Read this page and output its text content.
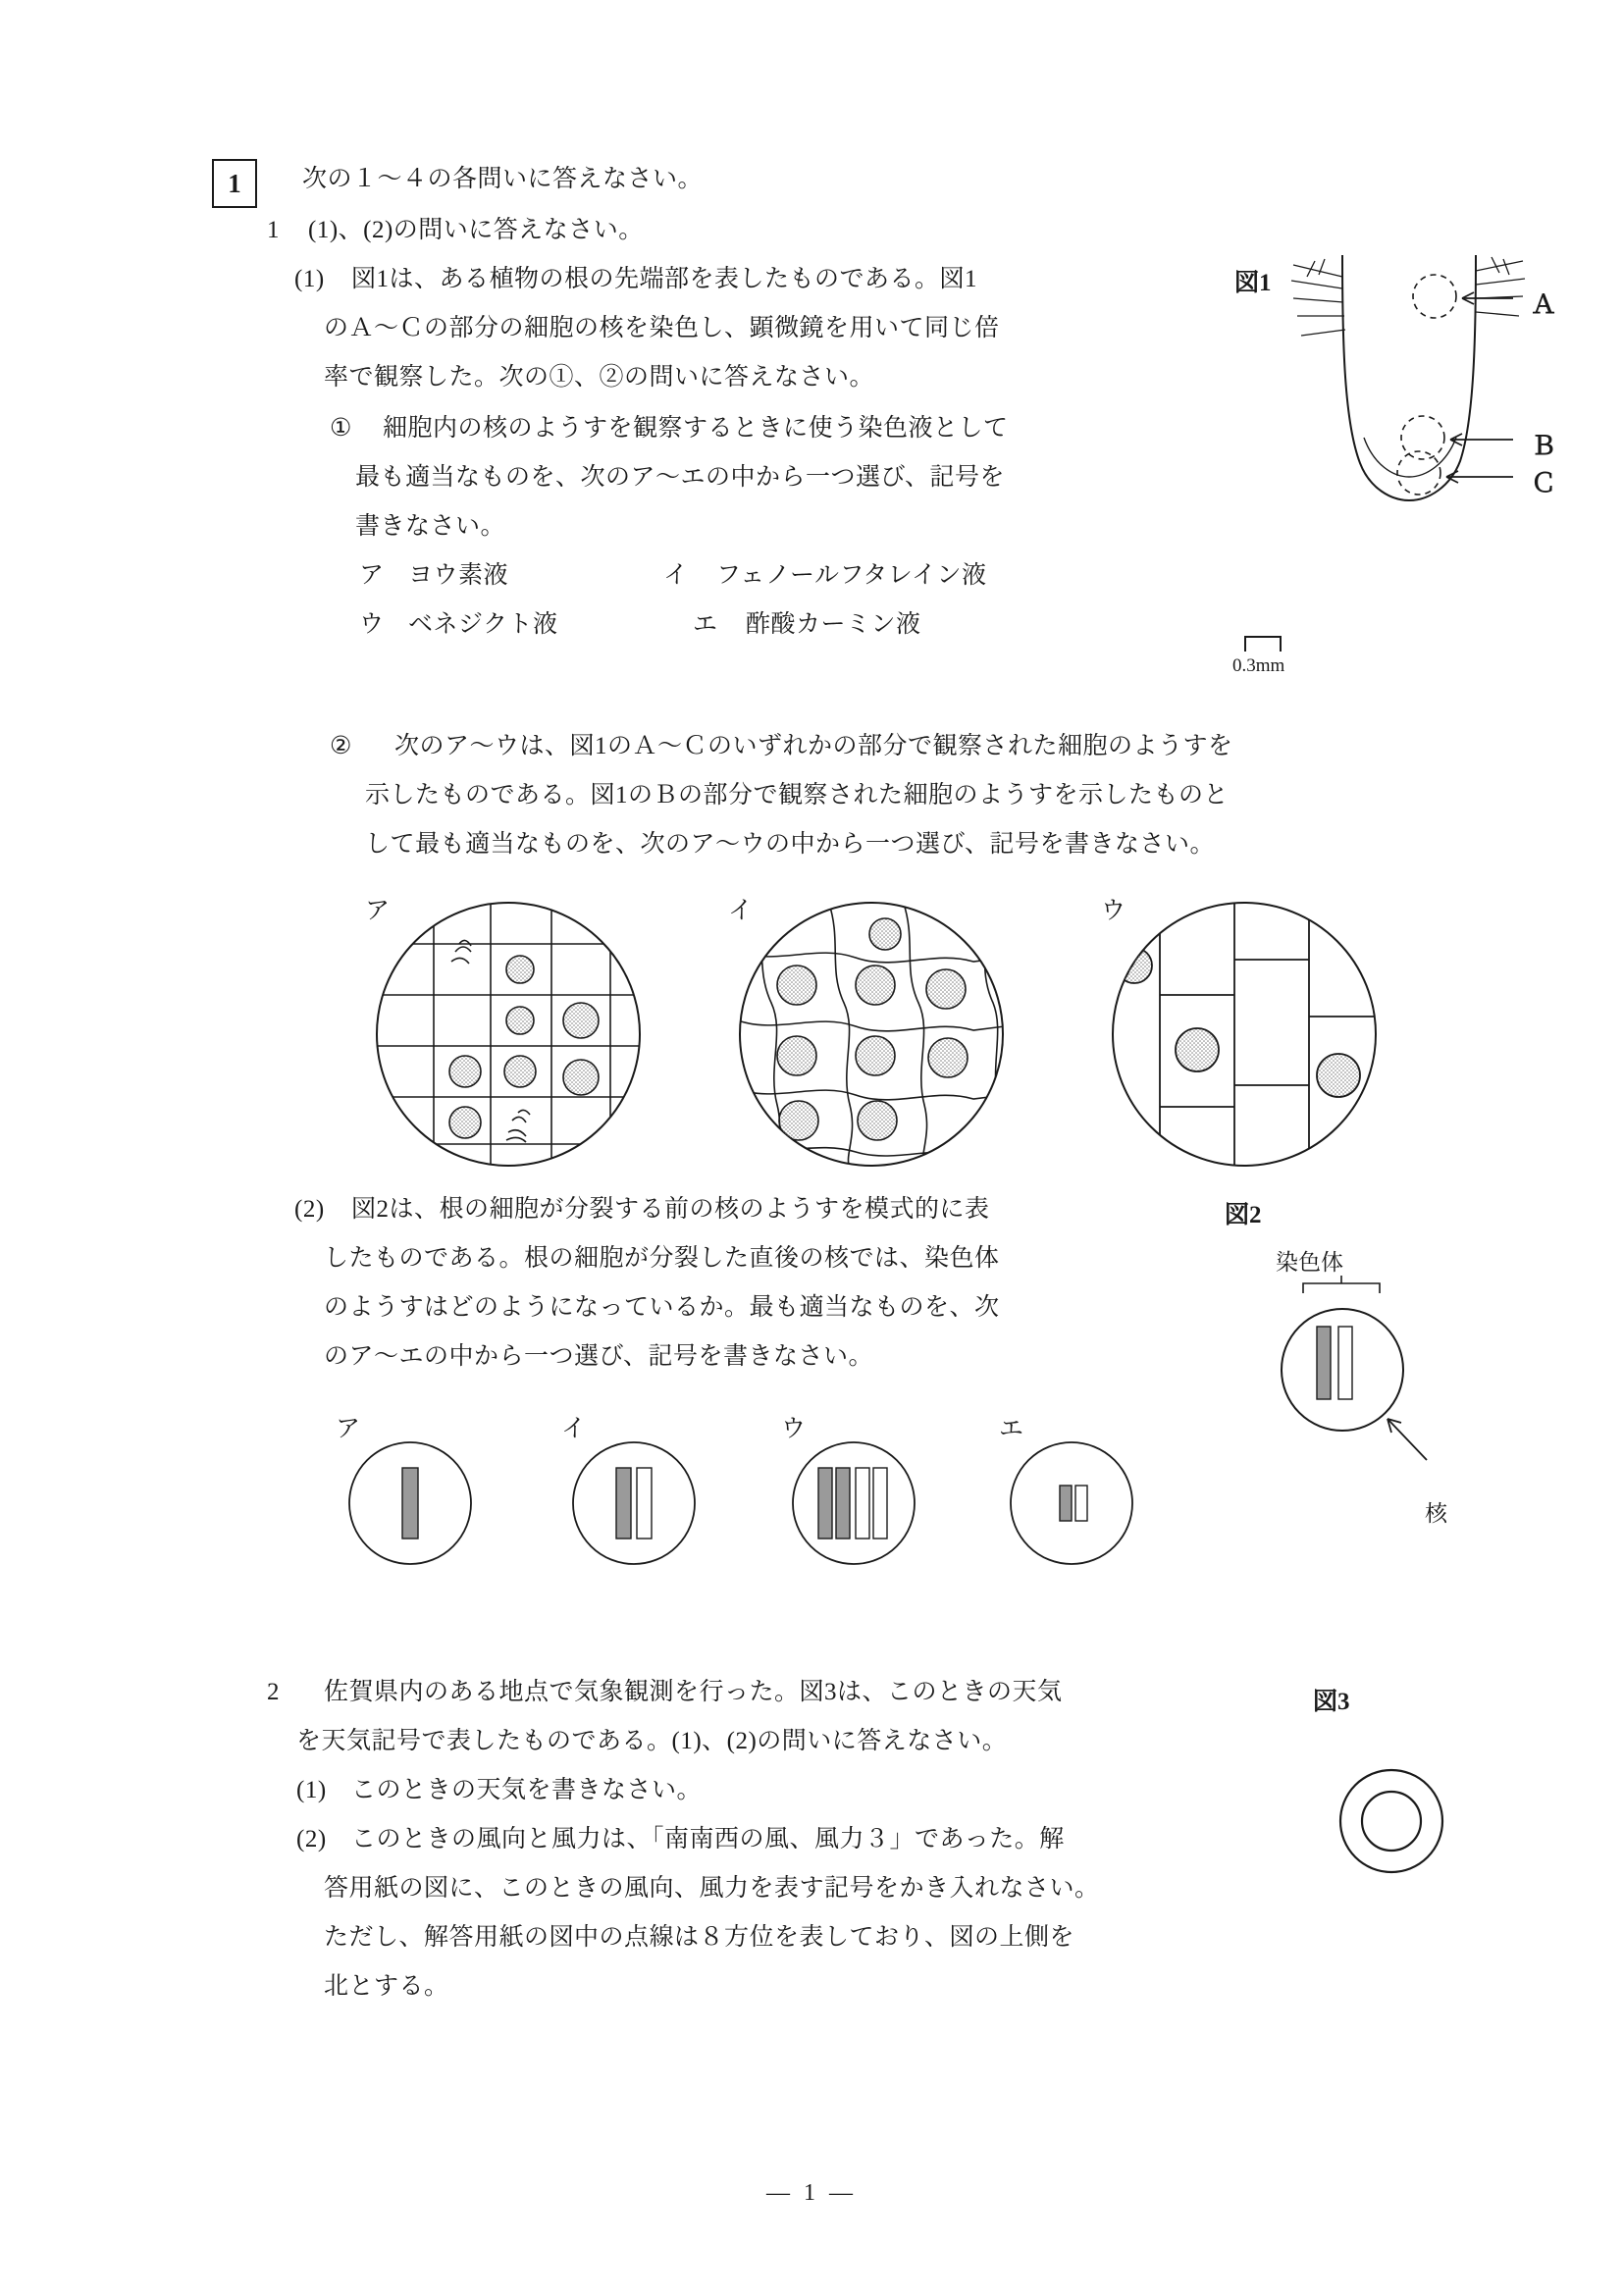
1	次の１〜４の各問いに答えなさい。
1 (1)、(2)の問いに答えなさい。
(1) 図1は、ある植物の根の先端部を表したものである。図1
のＡ〜Ｃの部分の細胞の核を染色し、顕微鏡を用いて同じ倍
率で観察した。次の①、②の問いに答えなさい。
① 細胞内の核のようすを観察するときに使う染色液として
最も適当なものを、次のア〜エの中から一つ選び、記号を
書きなさい。
ア ヨウ素液	イ フェノールフタレイン液
ウ ベネジクト液	エ 酢酸カーミン液
図1
Ａ
Ｂ
Ｃ
0.3mm
② 次のア〜ウは、図1のＡ〜Ｃのいずれかの部分で観察された細胞のようすを
示したものである。図1のＢの部分で観察された細胞のようすを示したものと
して最も適当なものを、次のア〜ウの中から一つ選び、記号を書きなさい。
ア	イ	ウ
(2) 図2は、根の細胞が分裂する前の核のようすを模式的に表
したものである。根の細胞が分裂した直後の核では、染色体
のようすはどのようになっているか。最も適当なものを、次
のア〜エの中から一つ選び、記号を書きなさい。
ア	イ	ウ	エ
図2
染色体
核
2 佐賀県内のある地点で気象観測を行った。図3は、このときの天気
を天気記号で表したものである。(1)、(2)の問いに答えなさい。
(1) このときの天気を書きなさい。
(2) このときの風向と風力は、「南南西の風、風力３」であった。解
答用紙の図に、このときの風向、風力を表す記号をかき入れなさい。
ただし、解答用紙の図中の点線は８方位を表しており、図の上側を
北とする。
図3
— 1 —
